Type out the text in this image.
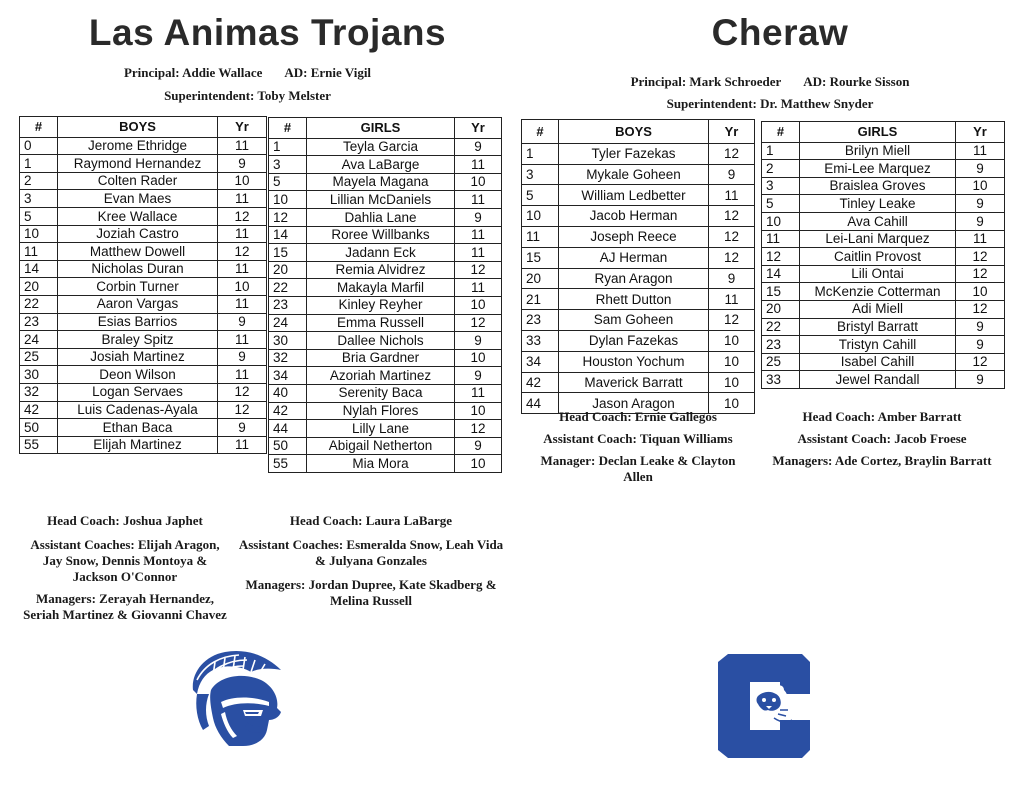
Las Animas Trojans
Principal: Addie Wallace AD: Ernie Vigil
Superintendent: Toby Melster
Cheraw
Principal: Mark Schroeder AD: Rourke Sisson
Superintendent: Dr. Matthew Snyder
#	BOYS	Yr
0	Jerome Ethridge	11
1	Raymond Hernandez	9
2	Colten Rader	10
3	Evan Maes	11
5	Kree Wallace	12
10	Joziah Castro	11
11	Matthew Dowell	12
14	Nicholas Duran	11
20	Corbin Turner	10
22	Aaron Vargas	11
23	Esias Barrios	9
24	Braley Spitz	11
25	Josiah Martinez	9
30	Deon Wilson	11
32	Logan Servaes	12
42	Luis Cadenas-Ayala	12
50	Ethan Baca	9
55	Elijah Martinez	11
#	GIRLS	Yr
1	Teyla Garcia	9
3	Ava LaBarge	11
5	Mayela Magana	10
10	Lillian McDaniels	11
12	Dahlia Lane	9
14	Roree Willbanks	11
15	Jadann Eck	11
20	Remia Alvidrez	12
22	Makayla Marfil	11
23	Kinley Reyher	10
24	Emma Russell	12
30	Dallee Nichols	9
32	Bria Gardner	10
34	Azoriah Martinez	9
40	Serenity Baca	11
42	Nylah Flores	10
44	Lilly Lane	12
50	Abigail Netherton	9
55	Mia Mora	10
#	BOYS	Yr
1	Tyler Fazekas	12
3	Mykale Goheen	9
5	William Ledbetter	11
10	Jacob Herman	12
11	Joseph Reece	12
15	AJ Herman	12
20	Ryan Aragon	9
21	Rhett Dutton	11
23	Sam Goheen	12
33	Dylan Fazekas	10
34	Houston Yochum	10
42	Maverick Barratt	10
44	Jason Aragon	10
#	GIRLS	Yr
1	Brilyn Miell	11
2	Emi-Lee Marquez	9
3	Braislea Groves	10
5	Tinley Leake	9
10	Ava Cahill	9
11	Lei-Lani Marquez	11
12	Caitlin Provost	12
14	Lili Ontai	12
15	McKenzie Cotterman	10
20	Adi Miell	12
22	Bristyl Barratt	9
23	Tristyn Cahill	9
25	Isabel Cahill	12
33	Jewel Randall	9

Head Coach: Ernie Gallegos

Assistant Coach: Tiquan Williams

Manager: Declan Leake & Clayton Allen

Head Coach: Amber Barratt

Assistant Coach: Jacob Froese

Managers: Ade Cortez, Braylin Barratt

Head Coach: Joshua Japhet

Assistant Coaches: Elijah Aragon, Jay Snow, Dennis Montoya & Jackson O'Connor

Managers: Zerayah Hernandez, Seriah Martinez & Giovanni Chavez

Head Coach: Laura LaBarge

Assistant Coaches: Esmeralda Snow, Leah Vida & Julyana Gonzales

Managers: Jordan Dupree, Kate Skadberg & Melina Russell
